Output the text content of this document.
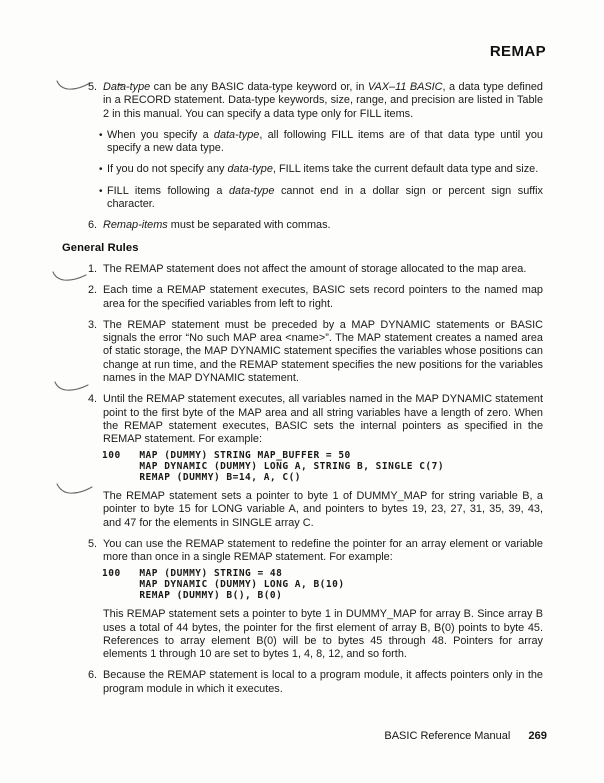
REMAP
5. Data-type can be any BASIC data-type keyword or, in VAX–11 BASIC, a data type defined in a RECORD statement. Data-type keywords, size, range, and precision are listed in Table 2 in this manual. You can specify a data type only for FILL items.

• When you specify a data-type, all following FILL items are of that data type until you specify a new data type.

• If you do not specify any data-type, FILL items take the current default data type and size.

• FILL items following a data-type cannot end in a dollar sign or percent sign suffix character.

6. Remap-items must be separated with commas.

General Rules
1. The REMAP statement does not affect the amount of storage allocated to the map area.

2. Each time a REMAP statement executes, BASIC sets record pointers to the named map area for the specified variables from left to right.

3. The REMAP statement must be preceded by a MAP DYNAMIC statements or BASIC signals the error “No such MAP area <name>”. The MAP statement creates a named area of static storage, the MAP DYNAMIC statement specifies the variables whose positions can change at run time, and the REMAP statement specifies the new positions for the variables names in the MAP DYNAMIC statement.

4. Until the REMAP statement executes, all variables named in the MAP DYNAMIC statement point to the first byte of the MAP area and all string variables have a length of zero. When the REMAP statement executes, BASIC sets the internal pointers as specified in the REMAP statement. For example:

100   MAP (DUMMY) STRING MAP_BUFFER = 50
MAP DYNAMIC (DUMMY) LONG A, STRING B, SINGLE C(7)
REMAP (DUMMY) B=14, A, C()

The REMAP statement sets a pointer to byte 1 of DUMMY_MAP for string variable B, a pointer to byte 15 for LONG variable A, and pointers to bytes 19, 23, 27, 31, 35, 39, 43, and 47 for the elements in SINGLE array C.

5. You can use the REMAP statement to redefine the pointer for an array element or variable more than once in a single REMAP statement. For example:

100   MAP (DUMMY) STRING = 48
MAP DYNAMIC (DUMMY) LONG A, B(10)
REMAP (DUMMY) B(), B(0)

This REMAP statement sets a pointer to byte 1 in DUMMY_MAP for array B. Since array B uses a total of 44 bytes, the pointer for the first element of array B, B(0) points to byte 45. References to array element B(0) will be to bytes 45 through 48. Pointers for array elements 1 through 10 are set to bytes 1, 4, 8, 12, and so forth.

6. Because the REMAP statement is local to a program module, it affects pointers only in the program module in which it executes.

BASIC Reference Manual 269
